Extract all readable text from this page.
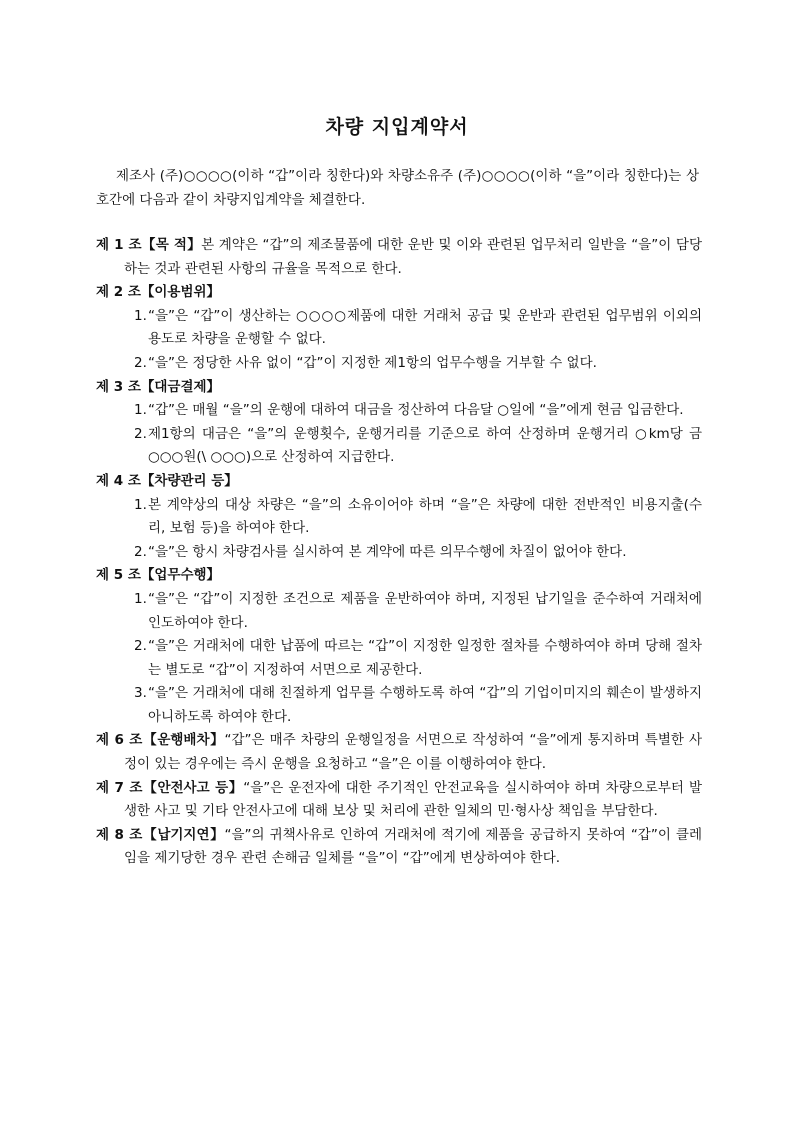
차량 지입계약서
제조사 (주)○○○○(이하 “갑”이라 칭한다)와 차량소유주 (주)○○○○(이하 “을”이라 칭한다)는 상호간에 다음과 같이 차량지입계약을 체결한다.
제 1 조【목 적】본 계약은 “갑”의 제조물품에 대한 운반 및 이와 관련된 업무처리 일반을 “을”이 담당하는 것과 관련된 사항의 규율을 목적으로 한다.
제 2 조【이용범위】
1. “을”은 “갑”이 생산하는 ○○○○제품에 대한 거래처 공급 및 운반과 관련된 업무범위 이외의 용도로 차량을 운행할 수 없다.
2. “을”은 정당한 사유 없이 “갑”이 지정한 제1항의 업무수행을 거부할 수 없다.
제 3 조【대금결제】
1. “갑”은 매월 “을”의 운행에 대하여 대금을 정산하여 다음달 ○일에 “을”에게 현금 입금한다.
2. 제1항의 대금은 “을”의 운행횟수, 운행거리를 기준으로 하여 산정하며 운행거리 ○km당 금 ○○○원(\ ○○○)으로 산정하여 지급한다.
제 4 조【차량관리 등】
1. 본 계약상의 대상 차량은 “을”의 소유이어야 하며 “을”은 차량에 대한 전반적인 비용지출(수리, 보험 등)을 하여야 한다.
2. “을”은 항시 차량검사를 실시하여 본 계약에 따른 의무수행에 차질이 없어야 한다.
제 5 조【업무수행】
1. “을”은 “갑”이 지정한 조건으로 제품을 운반하여야 하며, 지정된 납기일을 준수하여 거래처에 인도하여야 한다.
2. “을”은 거래처에 대한 납품에 따르는 “갑”이 지정한 일정한 절차를 수행하여야 하며 당해 절차는 별도로 “갑”이 지정하여 서면으로 제공한다.
3. “을”은 거래처에 대해 친절하게 업무를 수행하도록 하여 “갑”의 기업이미지의 훼손이 발생하지 아니하도록 하여야 한다.
제 6 조【운행배차】“갑”은 매주 차량의 운행일정을 서면으로 작성하여 “을”에게 통지하며 특별한 사정이 있는 경우에는 즉시 운행을 요청하고 “을”은 이를 이행하여야 한다.
제 7 조【안전사고 등】“을”은 운전자에 대한 주기적인 안전교육을 실시하여야 하며 차량으로부터 발생한 사고 및 기타 안전사고에 대해 보상 및 처리에 관한 일체의 민·형사상 책임을 부담한다.
제 8 조【납기지연】“을”의 귀책사유로 인하여 거래처에 적기에 제품을 공급하지 못하여 “갑”이 클레임을 제기당한 경우 관련 손해금 일체를 “을”이 “갑”에게 변상하여야 한다.
